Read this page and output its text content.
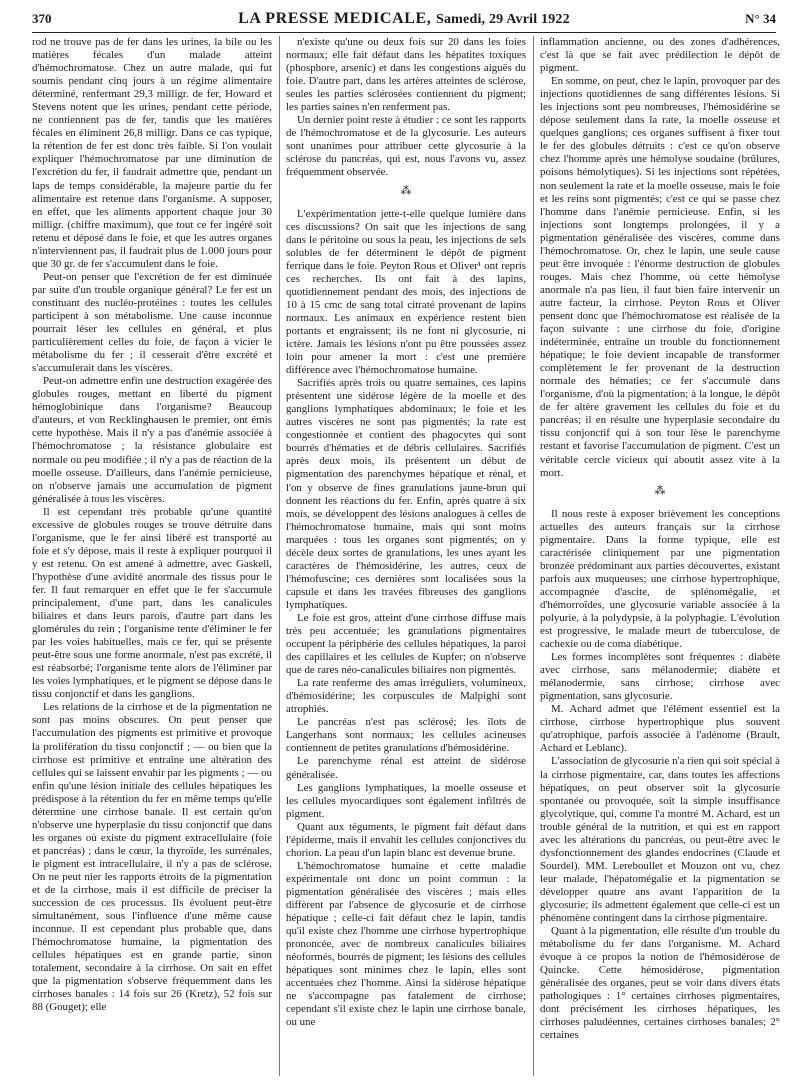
370	LA PRESSE MEDICALE, Samedi, 29 Avril 1922	N° 34

rod ne trouve pas de fer dans les urines, la bile ou les matières fécales d'un malade atteint d'hémochromatose. Chez un autre malade, qui fut soumis pendant cinq jours à un régime alimentaire déterminé, renfermant 29,3 milligr. de fer, Howard et Stevens notent que les urines, pendant cette période, ne contiennent pas de fer, tandis que les matières fécales en éliminent 26,8 milligr. Dans ce cas typique, la rétention de fer est donc très faible. Si l'on voulait expliquer l'hémochromatose par une diminution de l'excrétion du fer, il faudrait admettre que, pendant un laps de temps considérable, la majeure partie du fer alimentaire est retenue dans l'organisme. A supposer, en effet, que les aliments apportent chaque jour 30 milligr. (chiffre maximum), que tout ce fer ingéré soit retenu et déposé dans le foie, et que les autres organes n'interviennent pas, il faudrait plus de 1.000 jours pour que 30 gr. de fer s'accumulent dans le foie.

Peut-on penser que l'excrétion de fer est diminuée par suite d'un trouble organique général? Le fer est un constituant des nucléo-protéines : toutes les cellules participent à son métabolisme. Une cause inconnue pourrait léser les cellules en général, et plus particulièrement celles du foie, de façon à vicier le métabolisme du fer ; il cesserait d'être excrété et s'accumulerait dans les viscères.

Peut-on admettre enfin une destruction exagérée des globules rouges, mettant en liberté du pigment hémoglobinique dans l'organisme? Beaucoup d'auteurs, et von Recklinghausen le premier, ont émis cette hypothèse. Mais il n'y a pas d'anémie associée à l'hémochromatose ; la résistance globulaire est normale ou peu modifiée ; il n'y a pas de réaction de la moelle osseuse. D'ailleurs, dans l'anémie pernicieuse, on n'observe jamais une accumulation de pigment généralisée à tous les viscères.

Il est cependant très probable qu'une quantité excessive de globules rouges se trouve détruite dans l'organisme, que le fer ainsi libéré est transporté au foie et s'y dépose, mais il reste à expliquer pourquoi il y est retenu. On est amené à admettre, avec Gaskell, l'hypothèse d'une avidité anormale des tissus pour le fer. Il faut remarquer en effet que le fer s'accumule principalement, d'une part, dans les canalicules biliaires et dans leurs parois, d'autre part dans les glomérules du rein ; l'organisme tente d'éliminer le fer par les voies habituelles, mais ce fer, qui se présente peut-être sous une forme anormale, n'est pas excrété, il est réabsorbé; l'organisme tente alors de l'éliminer par les voies lymphatiques, et le pigment se dépose dans le tissu conjonctif et dans les ganglions.

Les relations de la cirrhose et de la pigmentation ne sont pas moins obscures. On peut penser que l'accumulation des pigments est primitive et provoque la prolifération du tissu conjonctif ; — ou bien que la cirrhose est primitive et entraîne une altération des cellules qui se laissent envahir par les pigments ; — ou enfin qu'une lésion initiale des cellules hépatiques les prédispose à la rétention du fer en même temps qu'elle détermine une cirrhose banale. Il est certain qu'on n'observe une hyperplasie du tissu conjonctif que dans les organes où existe du pigment extracellulaire (foie et pancréas) ; dans le cœur, la thyroïde, les surrénales, le pigment est intracellulaire, il n'y a pas de sclérose. On ne peut nier les rapports étroits de la pigmentation et de la cirrhose, mais il est difficile de préciser la succession de ces processus. Ils évoluent peut-être simultanément, sous l'influence d'une même cause inconnue. Il est cependant plus probable que, dans l'hémochromatose humaine, la pigmentation des cellules hépatiques est en grande partie, sinon totalement, secondaire à la cirrhose. On sait en effet que la pigmentation s'observe fréquemment dans les cirrhoses banales : 14 fois sur 26 (Kretz), 52 fois sur 88 (Gouget); elle

n'existe qu'une ou deux fois sur 20 dans les foies normaux; elle fait défaut dans les hépatites toxiques (phosphore, arsenic) et dans les congestions aiguës du foie. D'autre part, dans les artères atteintes de sclérose, seules les parties sclérosées contiennent du pigment; les parties saines n'en renferment pas.

Un dernier point reste à étudier : ce sont les rapports de l'hémochromatose et de la glycosurie. Les auteurs sont unanimes pour attribuer cette glycosurie à la sclérose du pancréas, qui est, nous l'avons vu, assez fréquemment observée.

⁂

L'expérimentation jette-t-elle quelque lumière dans ces discussions? On sait que les injections de sang dans le péritoine ou sous la peau, les injections de sels solubles de fer déterminent le dépôt de pigment ferrique dans le foie. Peyton Rous et Oliver¹ ont repris ces recherches. Ils ont fait à des lapins, quotidiennement pendant des mois, des injections de 10 à 15 cmc de sang total citraté provenant de lapins normaux. Les animaux en expérience restent bien portants et engraissent; ils ne font ni glycosurie, ni ictère. Jamais les lésions n'ont pu être poussées assez loin pour amener la mort : c'est une première différence avec l'hémochromatose humaine.

Sacrifiés après trois ou quatre semaines, ces lapins présentent une sidérose légère de la moelle et des ganglions lymphatiques abdominaux; le foie et les autres viscères ne sont pas pigmentés; la rate est congestionnée et contient des phagocytes qui sont bourrés d'hématies et de débris cellulaires. Sacrifiés après deux mois, ils présentent un début de pigmentation des parenchymes hépatique et rénal, et l'on y observe de fines granulations jaune-brun qui donnent les réactions du fer. Enfin, après quatre à six mois, se développent des lésions analogues à celles de l'hémochromatose humaine, mais qui sont moins marquées : tous les organes sont pigmentés; on y décèle deux sortes de granulations, les unes ayant les caractères de l'hémosidérine, les autres, ceux de l'hémofuscine; ces dernières sont localisées sous la capsule et dans les travées fibreuses des ganglions lymphatiques.

Le foie est gros, atteint d'une cirrhose diffuse mais très peu accentuée; les granulations pigmentaires occupent la périphérie des cellules hépatiques, la paroi des capillaires et les cellules de Kupfer; on n'observe que de rares néo-canalicules biliaires non pigmentés.

La rate renferme des amas irréguliers, volumineux, d'hémosidérine; les corpuscules de Malpighi sont atrophiés.

Le pancréas n'est pas sclérosé; les îlots de Langerhans sont normaux; les cellules acineuses contiennent de petites granulations d'hémosidérine.

Le parenchyme rénal est atteint de sidérose généralisée.

Les ganglions lymphatiques, la moelle osseuse et les cellules myocardiques sont également infiltrés de pigment.

Quant aux téguments, le pigment fait défaut dans l'épiderme, mais il envahit les cellules conjonctives du chorion. La peau d'un lapin blanc est devenue brune.

L'hémochromatose humaine et cette maladie expérimentale ont donc un point commun : la pigmentation généralisée des viscères ; mais elles diffèrent par l'absence de glycosurie et de cirrhose hépatique ; celle-ci fait défaut chez le lapin, tandis qu'il existe chez l'homme une cirrhose hypertrophique prononcée, avec de nombreux canalicules biliaires néoformés, bourrés de pigment; les lésions des cellules hépatiques sont minimes chez le lapin, elles sont accentuées chez l'homme. Ainsi la sidérose hépatique ne s'accompagne pas fatalement de cirrhose; cependant s'il existe chez le lapin une cirrhose banale, ou une

inflammation ancienne, ou des zones d'adhérences, c'est là que se fait avec prédilection le dépôt de pigment.

En somme, on peut, chez le lapin, provoquer par des injections quotidiennes de sang différentes lésions. Si les injections sont peu nombreuses, l'hémosidérine se dépose seulement dans la rate, la moelle osseuse et quelques ganglions; ces organes suffisent à fixer tout le fer des globules détruits : c'est ce qu'on observe chez l'homme après une hémolyse soudaine (brûlures, poisons hémolytiques). Si les injections sont répétées, non seulement la rate et la moelle osseuse, mais le foie et les reins sont pigmentés; c'est ce qui se passe chez l'homme dans l'anémie pernicieuse. Enfin, si les injections sont longtemps prolongées, il y a pigmentation généralisée des viscères, comme dans l'hémochromatose. Or, chez le lapin, une seule cause peut être invoquée : l'énorme destruction de globules rouges. Mais chez l'homme, où cette hémolyse anormale n'a pas lieu, il faut bien faire intervenir un autre facteur, la cirrhose. Peyton Rous et Oliver pensent donc que l'hémochromatose est réalisée de la façon suivante : une cirrhose du foie, d'origine indéterminée, entraîne un trouble du fonctionnement hépatique; le foie devient incapable de transformer complètement le fer provenant de la destruction normale des hématies; ce fer s'accumule dans l'organisme, d'où la pigmentation; à la longue, le dépôt de fer altère gravement les cellules du foie et du pancréas; il en résulte une hyperplasie secondaire du tissu conjonctif qui à son tour lèse le parenchyme restant et favorise l'accumulation de pigment. C'est un véritable cercle vicieux qui aboutit assez vite à la mort.

⁂

Il nous reste à exposer brièvement les conceptions actuelles des auteurs français sur la cirrhose pigmentaire. Dans la forme typique, elle est caractérisée cliniquement par une pigmentation bronzée prédominant aux parties découvertes, existant parfois aux muqueuses; une cirrhose hypertrophique, accompagnée d'ascite, de splénomégalie, et d'hémorroïdes, une glycosurie variable associée à la polyurie, à la polydypsie, à la polyphagie. L'évolution est progressive, le malade meurt de tuberculose, de cachexie ou de coma diabétique.

Les formes incomplètes sont fréquentes : diabète avec cirrhose, sans mélanodermie; diabète et mélanodermie, sans cirrhose; cirrhose avec pigmentation, sans glycosurie.

M. Achard admet que l'élément essentiel est la cirrhose, cirrhose hypertrophique plus souvent qu'atrophique, parfois associée à l'adénome (Brault, Achard et Leblanc).

L'association de glycosurie n'a rien qui soit spécial à la cirrhose pigmentaire, car, dans toutes les affections hépatiques, on peut observer soit la glycosurie spontanée ou provoquée, soit la simple insuffisance glycolytique, qui, comme l'a montré M. Achard, est un trouble général de la nutrition, et qui est en rapport avec les altérations du pancréas, ou peut-être avec le dysfonctionnement des glandes endocrines (Claude et Sourdel). MM. Lereboullet et Mouzon ont vu, chez leur malade, l'hépatomégalie et la pigmentation se développer quatre ans avant l'apparition de la glycosurie; ils admettent également que celle-ci est un phénomène contingent dans la cirrhose pigmentaire.

Quant à la pigmentation, elle résulte d'un trouble du métabolisme du fer dans l'organisme. M. Achard évoque à ce propos la notion de l'hémosidérose de Quincke. Cette hémosidérose, pigmentation généralisée des organes, peut se voir dans divers états pathologiques : 1° certaines cirrhoses pigmentaires, dont précisément les cirrhoses hépatiques, les cirrhoses paludéennes, certaines cirrhoses banales; 2° certaines
